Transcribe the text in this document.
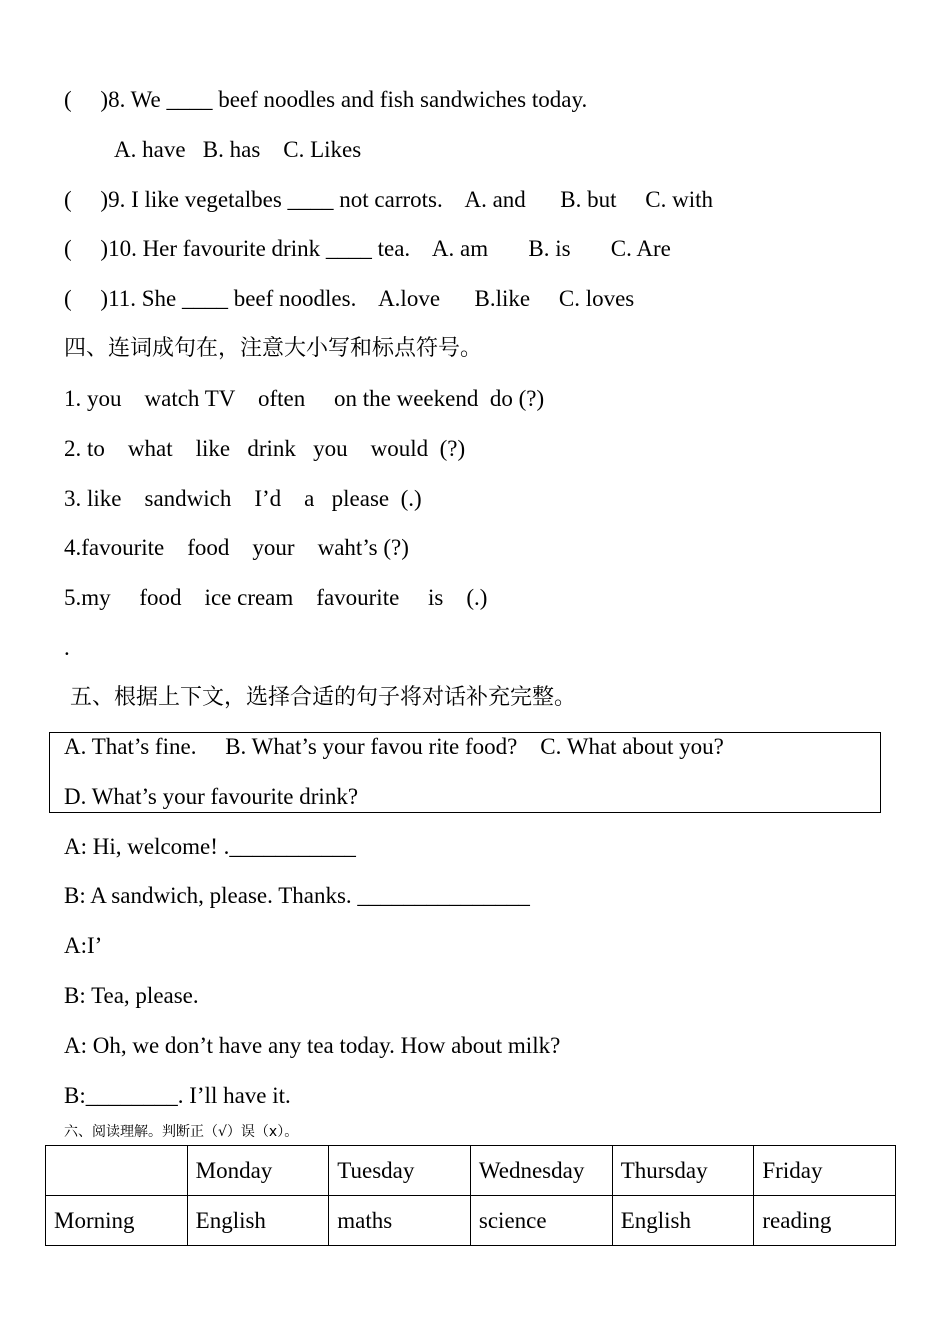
(     )8. We ____ beef noodles and fish sandwiches today.
A. have   B. has    C. Likes
(     )9. I like vegetalbes ____ not carrots.    A. and      B. but     C. with
(     )10. Her favourite drink ____ tea.    A. am       B. is       C. Are
(     )11. She ____ beef noodles.    A.love      B.like     C. loves
四、连词成句在，注意大小写和标点符号。
1. you    watch TV    often     on the weekend  do (?)
2. to    what    like   drink   you    would  (?)
3. like    sandwich    I’d    a   please  (.)
4.favourite    food    your    waht’s (?)
5.my     food    ice cream    favourite     is    (.)
.
五、根据上下文，选择合适的句子将对话补充完整。
A. That’s fine.     B. What’s your favou rite food?    C. What about you?
D. What’s your favourite drink?
A: Hi, welcome! .___________
B: A sandwich, please. Thanks. _______________
A:I’
B: Tea, please.
A: Oh, we don’t have any tea today. How about milk?
B:________. I’ll have it.
六、阅读理解。判断正（√）误（x）。
	Monday	Tuesday	Wednesday	Thursday	Friday
Morning	English	maths	science	English	reading
